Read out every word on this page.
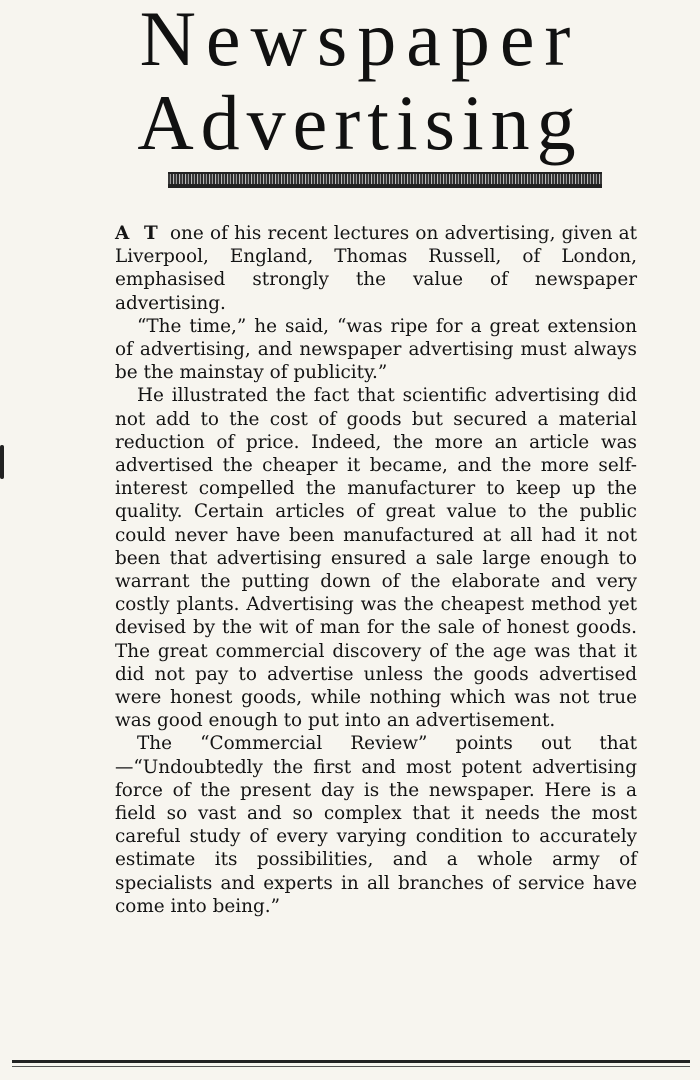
Newspaper
Advertising

A T one of his recent lectures on advertising, given at Liverpool, England, Thomas Russell, of London, emphasised strongly the value of newspaper advertising.

“The time,” he said, “was ripe for a great extension of advertising, and newspaper advertising must always be the mainstay of publicity.”

He illustrated the fact that scientific advertising did not add to the cost of goods but secured a material reduction of price. Indeed, the more an article was advertised the cheaper it became, and the more self-interest compelled the manufacturer to keep up the quality. Certain articles of great value to the public could never have been manufactured at all had it not been that advertising ensured a sale large enough to warrant the putting down of the elaborate and very costly plants. Advertising was the cheapest method yet devised by the wit of man for the sale of honest goods. The great commercial discovery of the age was that it did not pay to advertise unless the goods advertised were honest goods, while nothing which was not true was good enough to put into an advertisement.

The “Commercial Review” points out that—“Undoubtedly the first and most potent advertising force of the present day is the newspaper. Here is a field so vast and so complex that it needs the most careful study of every varying condition to accurately estimate its possibilities, and a whole army of specialists and experts in all branches of service have come into being.”
